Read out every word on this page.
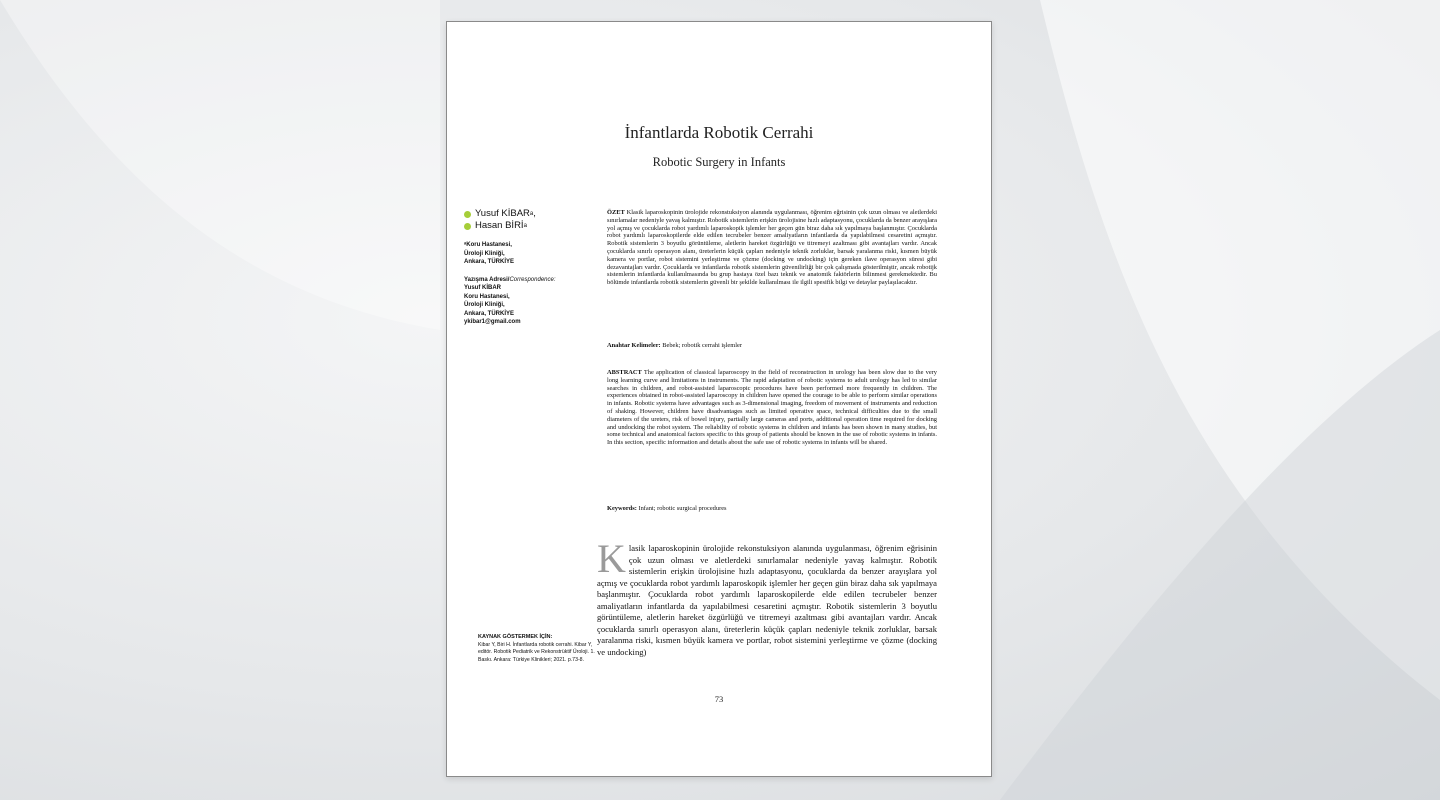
İnfantlarda Robotik Cerrahi
Robotic Surgery in Infants
Yusuf KİBAR a ,
Hasan BİRİ a
ᵃKoru Hastanesi,
Üroloji Kliniği,
Ankara, TÜRKİYE
Yazışma Adresi/Correspondence:
Yusuf KİBAR
Koru Hastanesi,
Üroloji Kliniği,
Ankara, TÜRKİYE
ykibar1@gmail.com
ÖZET Klasik laparoskopinin ürolojide rekonstuksiyon alanında uygulanması, öğrenim eğrisinin çok uzun olması ve aletlerdeki sınırlamalar nedeniyle yavaş kalmıştır. Robotik sistemlerin erişkin ürolojisine hızlı adaptasyonu, çocuklarda da benzer arayışlara yol açmış ve çocuklarda robot yardımlı laparoskopik işlemler her geçen gün biraz daha sık yapılmaya başlanmıştır. Çocuklarda robot yardımlı laparoskopilerde elde edilen tecrubeler benzer amaliyatların infantlarda da yapılabilmesi cesaretini açmıştır. Robotik sistemlerin 3 boyutlu görüntüleme, aletlerin hareket özgürlüğü ve titremeyi azaltması gibi avantajları vardır. Ancak çocuklarda sınırlı operasyon alanı, üreterlerin küçük çapları nedeniyle teknik zorluklar, barsak yaralanma riski, kısmen büyük kamera ve portlar, robot sistemini yerleştirme ve çözme (docking ve undocking) için gereken ilave operasyon süresi gibi dezavantajları vardır. Çocuklarda ve infantlarda robotik sistemlerin güvenilirliği bir çok çalışmada gösterilmiştir, ancak robotijk sistemlerin infantlarda kullanılmasında bu grup hastaya özel bazı teknik ve anatomik faktörlerin bilinmesi gerekmektedir. Bu bölümde infantlarda robotik sistemlerin güvenli bir şekilde kullanılması ile ilgili spesifik bilgi ve detaylar paylaşılacaktır.
Anahtar Kelimeler: Bebek; robotik cerrahi işlemler
ABSTRACT The application of classical laparoscopy in the field of reconstruction in urology has been slow due to the very long learning curve and limitations in instruments. The rapid adaptation of robotic systems to adult urology has led to similar searches in children, and robot-assisted laparoscopic procedures have been performed more frequently in children. The experiences obtained in robot-assisted laparoscopy in children have opened the courage to be able to perform similar operations in infants. Robotic systems have advantages such as 3-dimensional imaging, freedom of movement of instruments and reduction of shaking. However, children have disadvantages such as limited operative space, technical difficulties due to the small diameters of the ureters, risk of bowel injury, partially large cameras and ports, additional operation time required for docking and undocking the robot system. The reliability of robotic systems in children and infants has been shown in many studies, but some technical and anatomical factors specific to this group of patients should be known in the use of robotic systems in infants. In this section, specific information and details about the safe use of robotic systems in infants will be shared.
Keywords: Infant; robotic surgical procedures
Klasik laparoskopinin ürolojide rekonstuksiyon alanında uygulanması, öğrenim eğrisinin çok uzun olması ve aletlerdeki sınırlamalar nedeniyle yavaş kalmıştır. Robotik sistemlerin erişkin ürolojisine hızlı adaptasyonu, çocuklarda da benzer arayışlara yol açmış ve çocuklarda robot yardımlı laparoskopik işlemler her geçen gün biraz daha sık yapılmaya başlanmıştır. Çocuklarda robot yardımlı laparoskopilerde elde edilen tecrubeler benzer amaliyatların infantlarda da yapılabilmesi cesaretini açmıştır. Robotik sistemlerin 3 boyutlu görüntüleme, aletlerin hareket özgürlüğü ve titremeyi azaltması gibi avantajları vardır. Ancak çocuklarda sınırlı operasyon alanı, üreterlerin küçük çapları nedeniyle teknik zorluklar, barsak yaralanma riski, kısmen büyük kamera ve portlar, robot sistemini yerleştirme ve çözme (docking ve undocking)
KAYNAK GÖSTERMEK İÇİN:
Kibar Y, Biri H. İnfantlarda robotik cerrahi. Kibar Y, editör. Robotik Pediatrik ve Rekonstrüktif Üroloji. 1. Baskı. Ankara: Türkiye Klinikleri; 2021. p.73-8.
73
